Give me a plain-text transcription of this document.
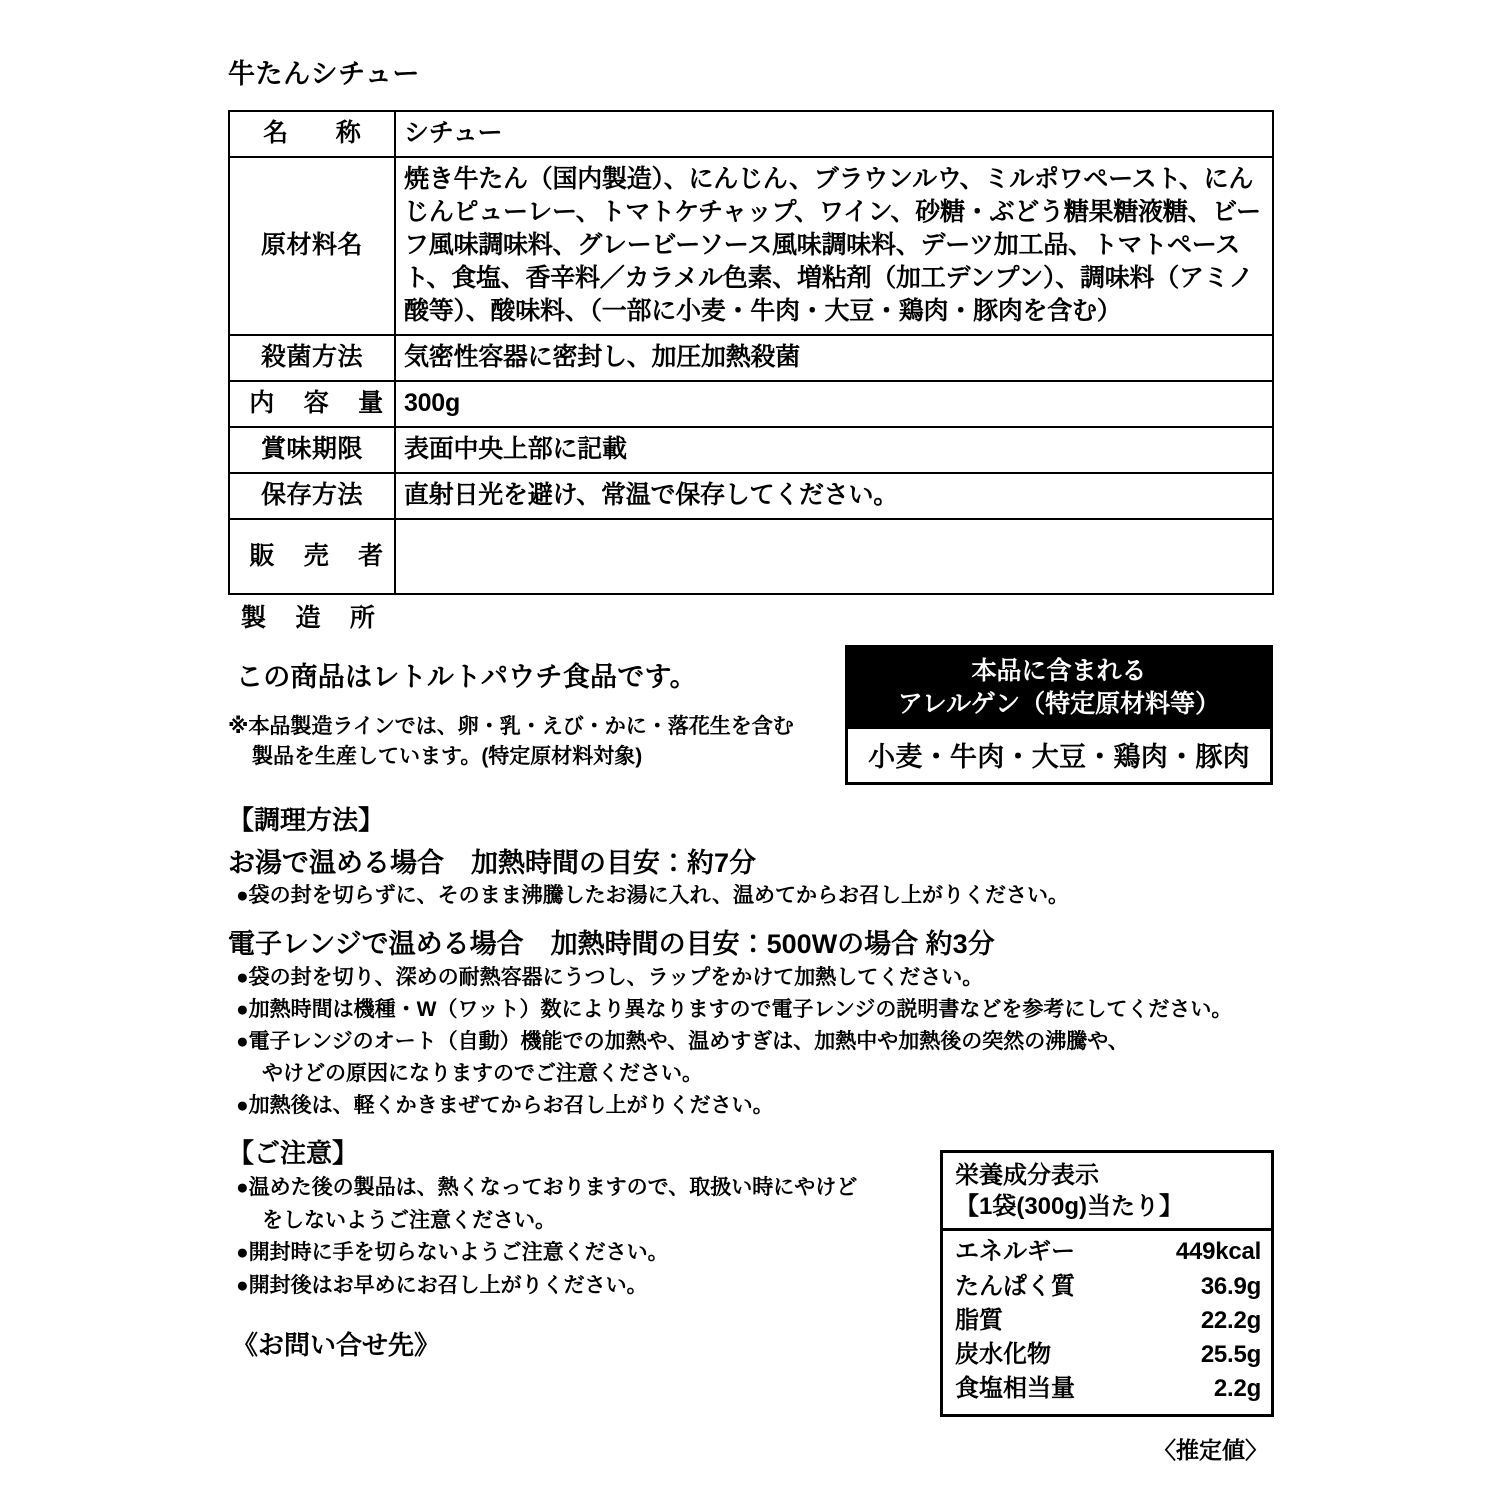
牛たんシチュー
名　称	シチュー
原材料名	焼き牛たん（国内製造）、にんじん、ブラウンルウ、ミルポワペースト、にんじんピューレー、トマトケチャップ、ワイン、砂糖・ぶどう糖果糖液糖、ビーフ風味調味料、グレービーソース風味調味料、デーツ加工品、トマトペースト、食塩、香辛料／カラメル色素、増粘剤（加工デンプン）、調味料（アミノ酸等）、酸味料、（一部に小麦・牛肉・大豆・鶏肉・豚肉を含む）
殺菌方法	気密性容器に密封し、加圧加熱殺菌
内 容 量	300g
賞味期限	表面中央上部に記載
保存方法	直射日光を避け、常温で保存してください。
販 売 者	
製 造 所
この商品はレトルトパウチ食品です。
※本品製造ラインでは、卵・乳・えび・かに・落花生を含む
製品を生産しています。(特定原材料対象)
本品に含まれる
アレルゲン（特定原材料等）
小麦・牛肉・大豆・鶏肉・豚肉
【調理方法】
お湯で温める場合　加熱時間の目安：約7分
●袋の封を切らずに、そのまま沸騰したお湯に入れ、温めてからお召し上がりください。
電子レンジで温める場合　加熱時間の目安：500Wの場合 約3分
●袋の封を切り、深めの耐熱容器にうつし、ラップをかけて加熱してください。
●加熱時間は機種・W（ワット）数により異なりますので電子レンジの説明書などを参考にしてください。
●電子レンジのオート（自動）機能での加熱や、温めすぎは、加熱中や加熱後の突然の沸騰や、
やけどの原因になりますのでご注意ください。
●加熱後は、軽くかきまぜてからお召し上がりください。
【ご注意】
●温めた後の製品は、熱くなっておりますので、取扱い時にやけど
をしないようご注意ください。
●開封時に手を切らないようご注意ください。
●開封後はお早めにお召し上がりください。
《お問い合せ先》
栄養成分表示
【1袋(300g)当たり】
エネルギー	449kcal
たんぱく質	36.9g
脂質	22.2g
炭水化物	25.5g
食塩相当量	2.2g
〈推定値〉
